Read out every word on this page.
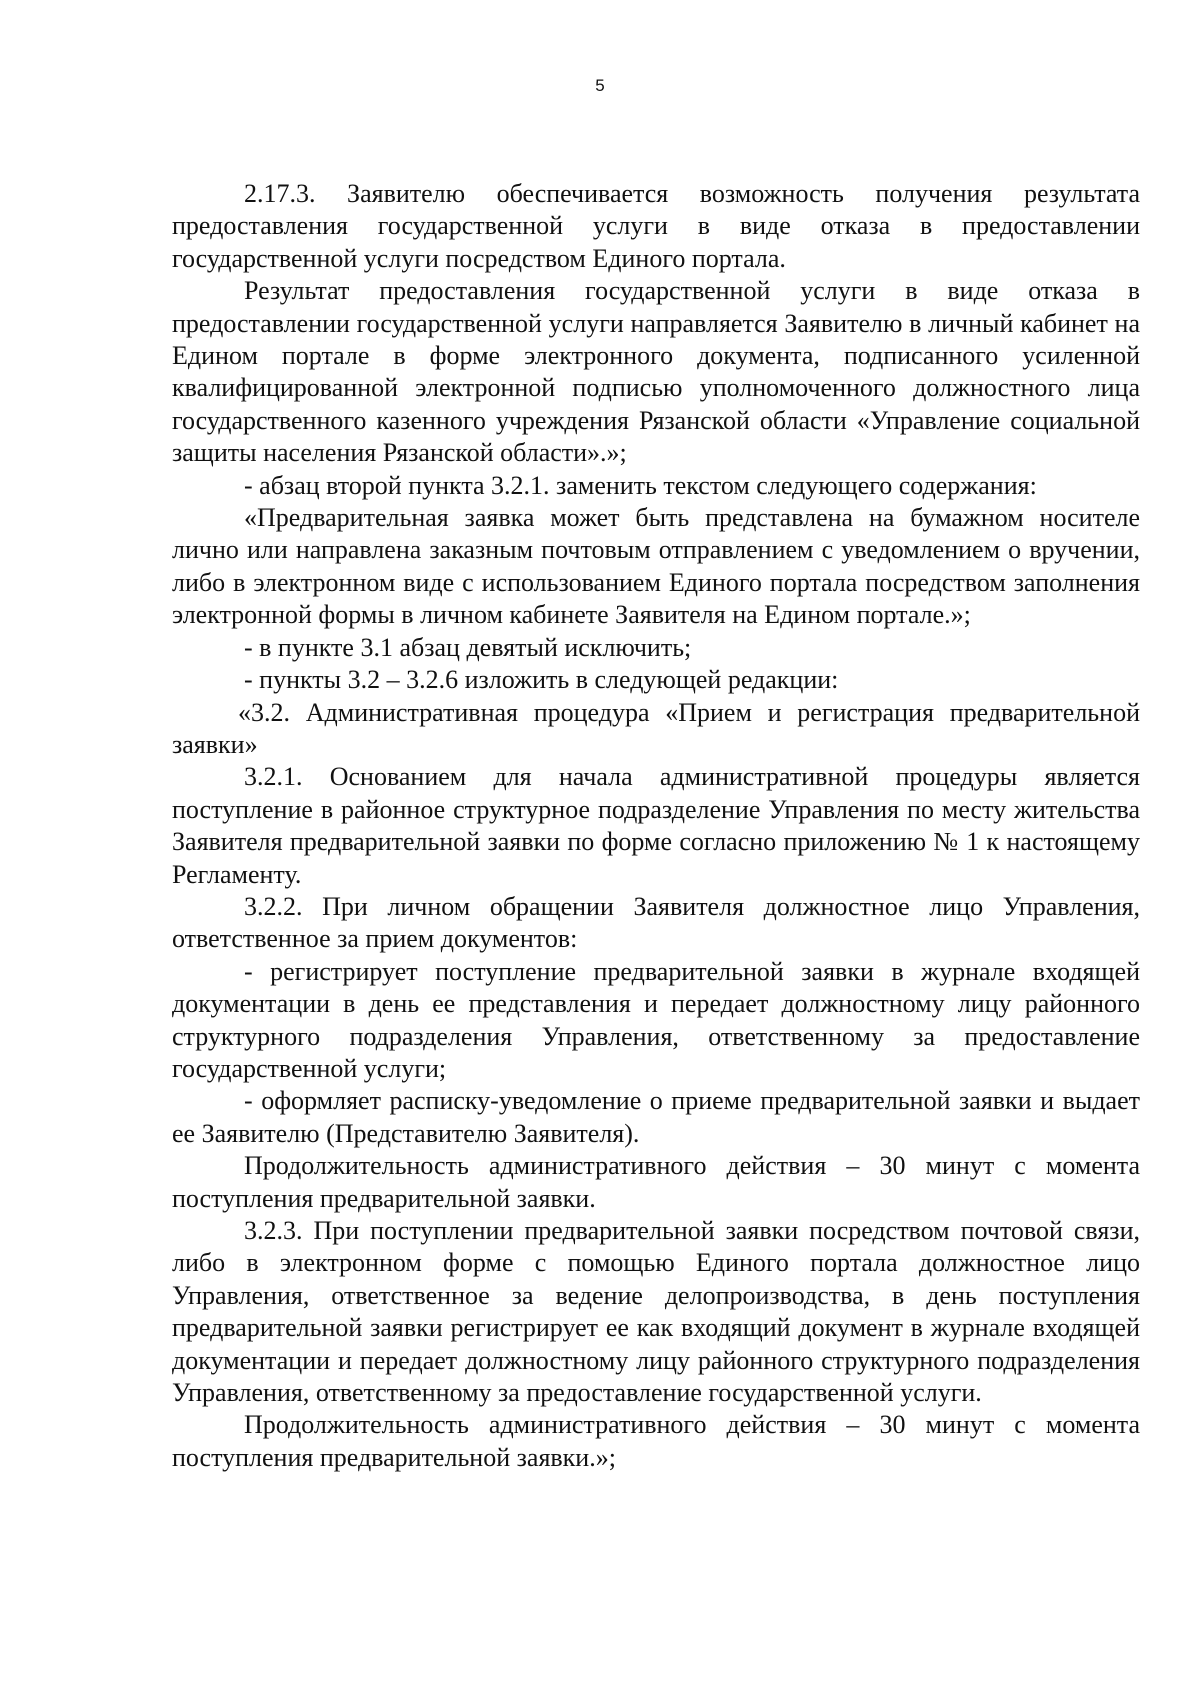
5

2.17.3. Заявителю обеспечивается возможность получения результата предоставления государственной услуги в виде отказа в предоставлении государственной услуги посредством Единого портала.

Результат предоставления государственной услуги в виде отказа в предоставлении государственной услуги направляется Заявителю в личный кабинет на Едином портале в форме электронного документа, подписанного усиленной квалифицированной электронной подписью уполномоченного должностного лица государственного казенного учреждения Рязанской области «Управление социальной защиты населения Рязанской области».»;

- абзац второй пункта 3.2.1. заменить текстом следующего содержания:

«Предварительная заявка может быть представлена на бумажном носителе лично или направлена заказным почтовым отправлением с уведомлением о вручении, либо в электронном виде с использованием Единого портала посредством заполнения электронной формы в личном кабинете Заявителя на Едином портале.»;

- в пункте 3.1 абзац девятый исключить;

- пункты 3.2 – 3.2.6 изложить в следующей редакции:

«3.2. Административная процедура «Прием и регистрация предварительной заявки»

3.2.1. Основанием для начала административной процедуры является поступление в районное структурное подразделение Управления по месту жительства Заявителя предварительной заявки по форме согласно приложению № 1 к настоящему Регламенту.

3.2.2. При личном обращении Заявителя должностное лицо Управления, ответственное за прием документов:

- регистрирует поступление предварительной заявки в журнале входящей документации в день ее представления и передает должностному лицу районного структурного подразделения Управления, ответственному за предоставление государственной услуги;

- оформляет расписку-уведомление о приеме предварительной заявки и выдает ее Заявителю (Представителю Заявителя).

Продолжительность административного действия – 30 минут с момента поступления предварительной заявки.

3.2.3. При поступлении предварительной заявки посредством почтовой связи, либо в электронном форме с помощью Единого портала должностное лицо Управления, ответственное за ведение делопроизводства, в день поступления предварительной заявки регистрирует ее как входящий документ в журнале входящей документации и передает должностному лицу районного структурного подразделения Управления, ответственному за предоставление государственной услуги.

Продолжительность административного действия – 30 минут с момента поступления предварительной заявки.»;
